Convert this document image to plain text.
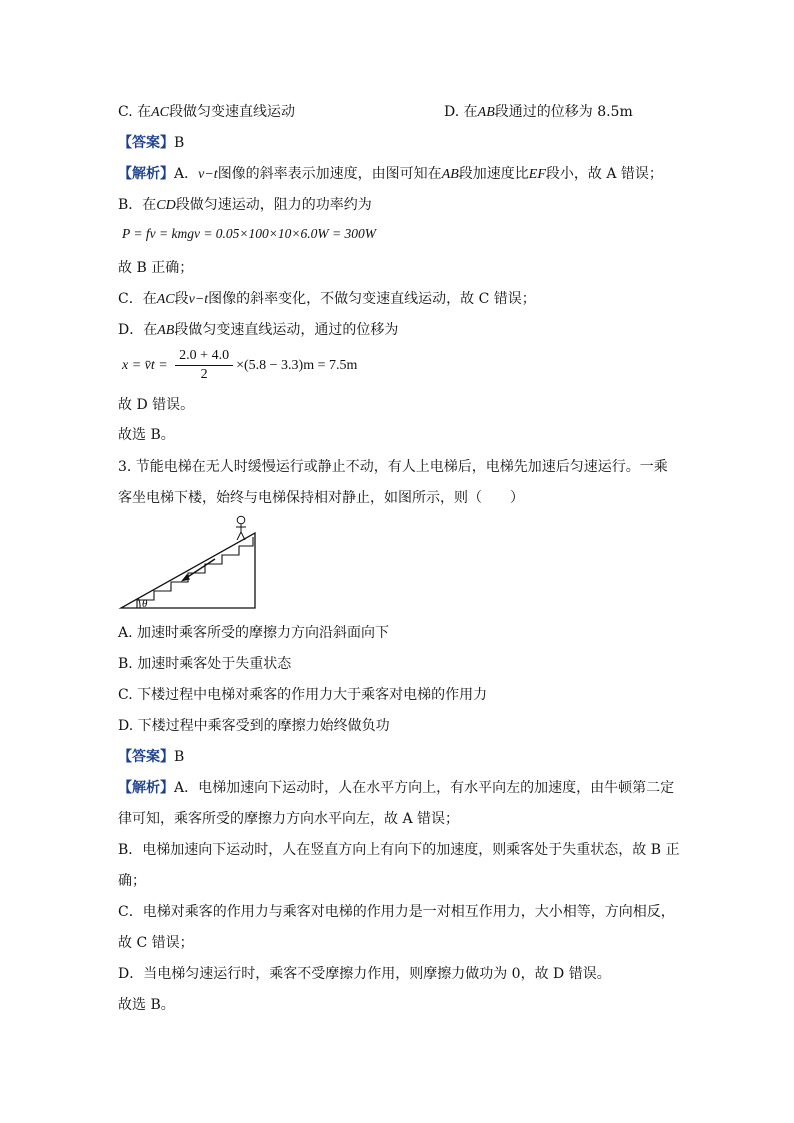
C. 在AC段做匀变速直线运动	D. 在AB段通过的位移为 8.5m
【答案】B
【解析】A．v−t图像的斜率表示加速度，由图可知在AB段加速度比EF段小，故 A 错误；
B．在CD段做匀速运动，阻力的功率约为
P = fv = kmgv = 0.05×100×10×6.0W = 300W
故 B 正确；
C．在AC段v−t图像的斜率变化，不做匀变速直线运动，故 C 错误；
D．在AB段做匀变速直线运动，通过的位移为
x = v̄t = $\frac{2.0 + 4.0}{2} \times(5.8 - 3.3)m = 7.5m$
故 D 错误。
故选 B。
3. 节能电梯在无人时缓慢运行或静止不动，有人上电梯后，电梯先加速后匀速运行。一乘
客坐电梯下楼，始终与电梯保持相对静止，如图所示，则（　　）
θ
A. 加速时乘客所受的摩擦力方向沿斜面向下
B. 加速时乘客处于失重状态
C. 下楼过程中电梯对乘客的作用力大于乘客对电梯的作用力
D. 下楼过程中乘客受到的摩擦力始终做负功
【答案】B
【解析】A．电梯加速向下运动时，人在水平方向上，有水平向左的加速度，由牛顿第二定
律可知，乘客所受的摩擦力方向水平向左，故 A 错误；
B．电梯加速向下运动时，人在竖直方向上有向下的加速度，则乘客处于失重状态，故 B 正
确；
C．电梯对乘客的作用力与乘客对电梯的作用力是一对相互作用力，大小相等，方向相反，
故 C 错误；
D．当电梯匀速运行时，乘客不受摩擦力作用，则摩擦力做功为 0，故 D 错误。
故选 B。
